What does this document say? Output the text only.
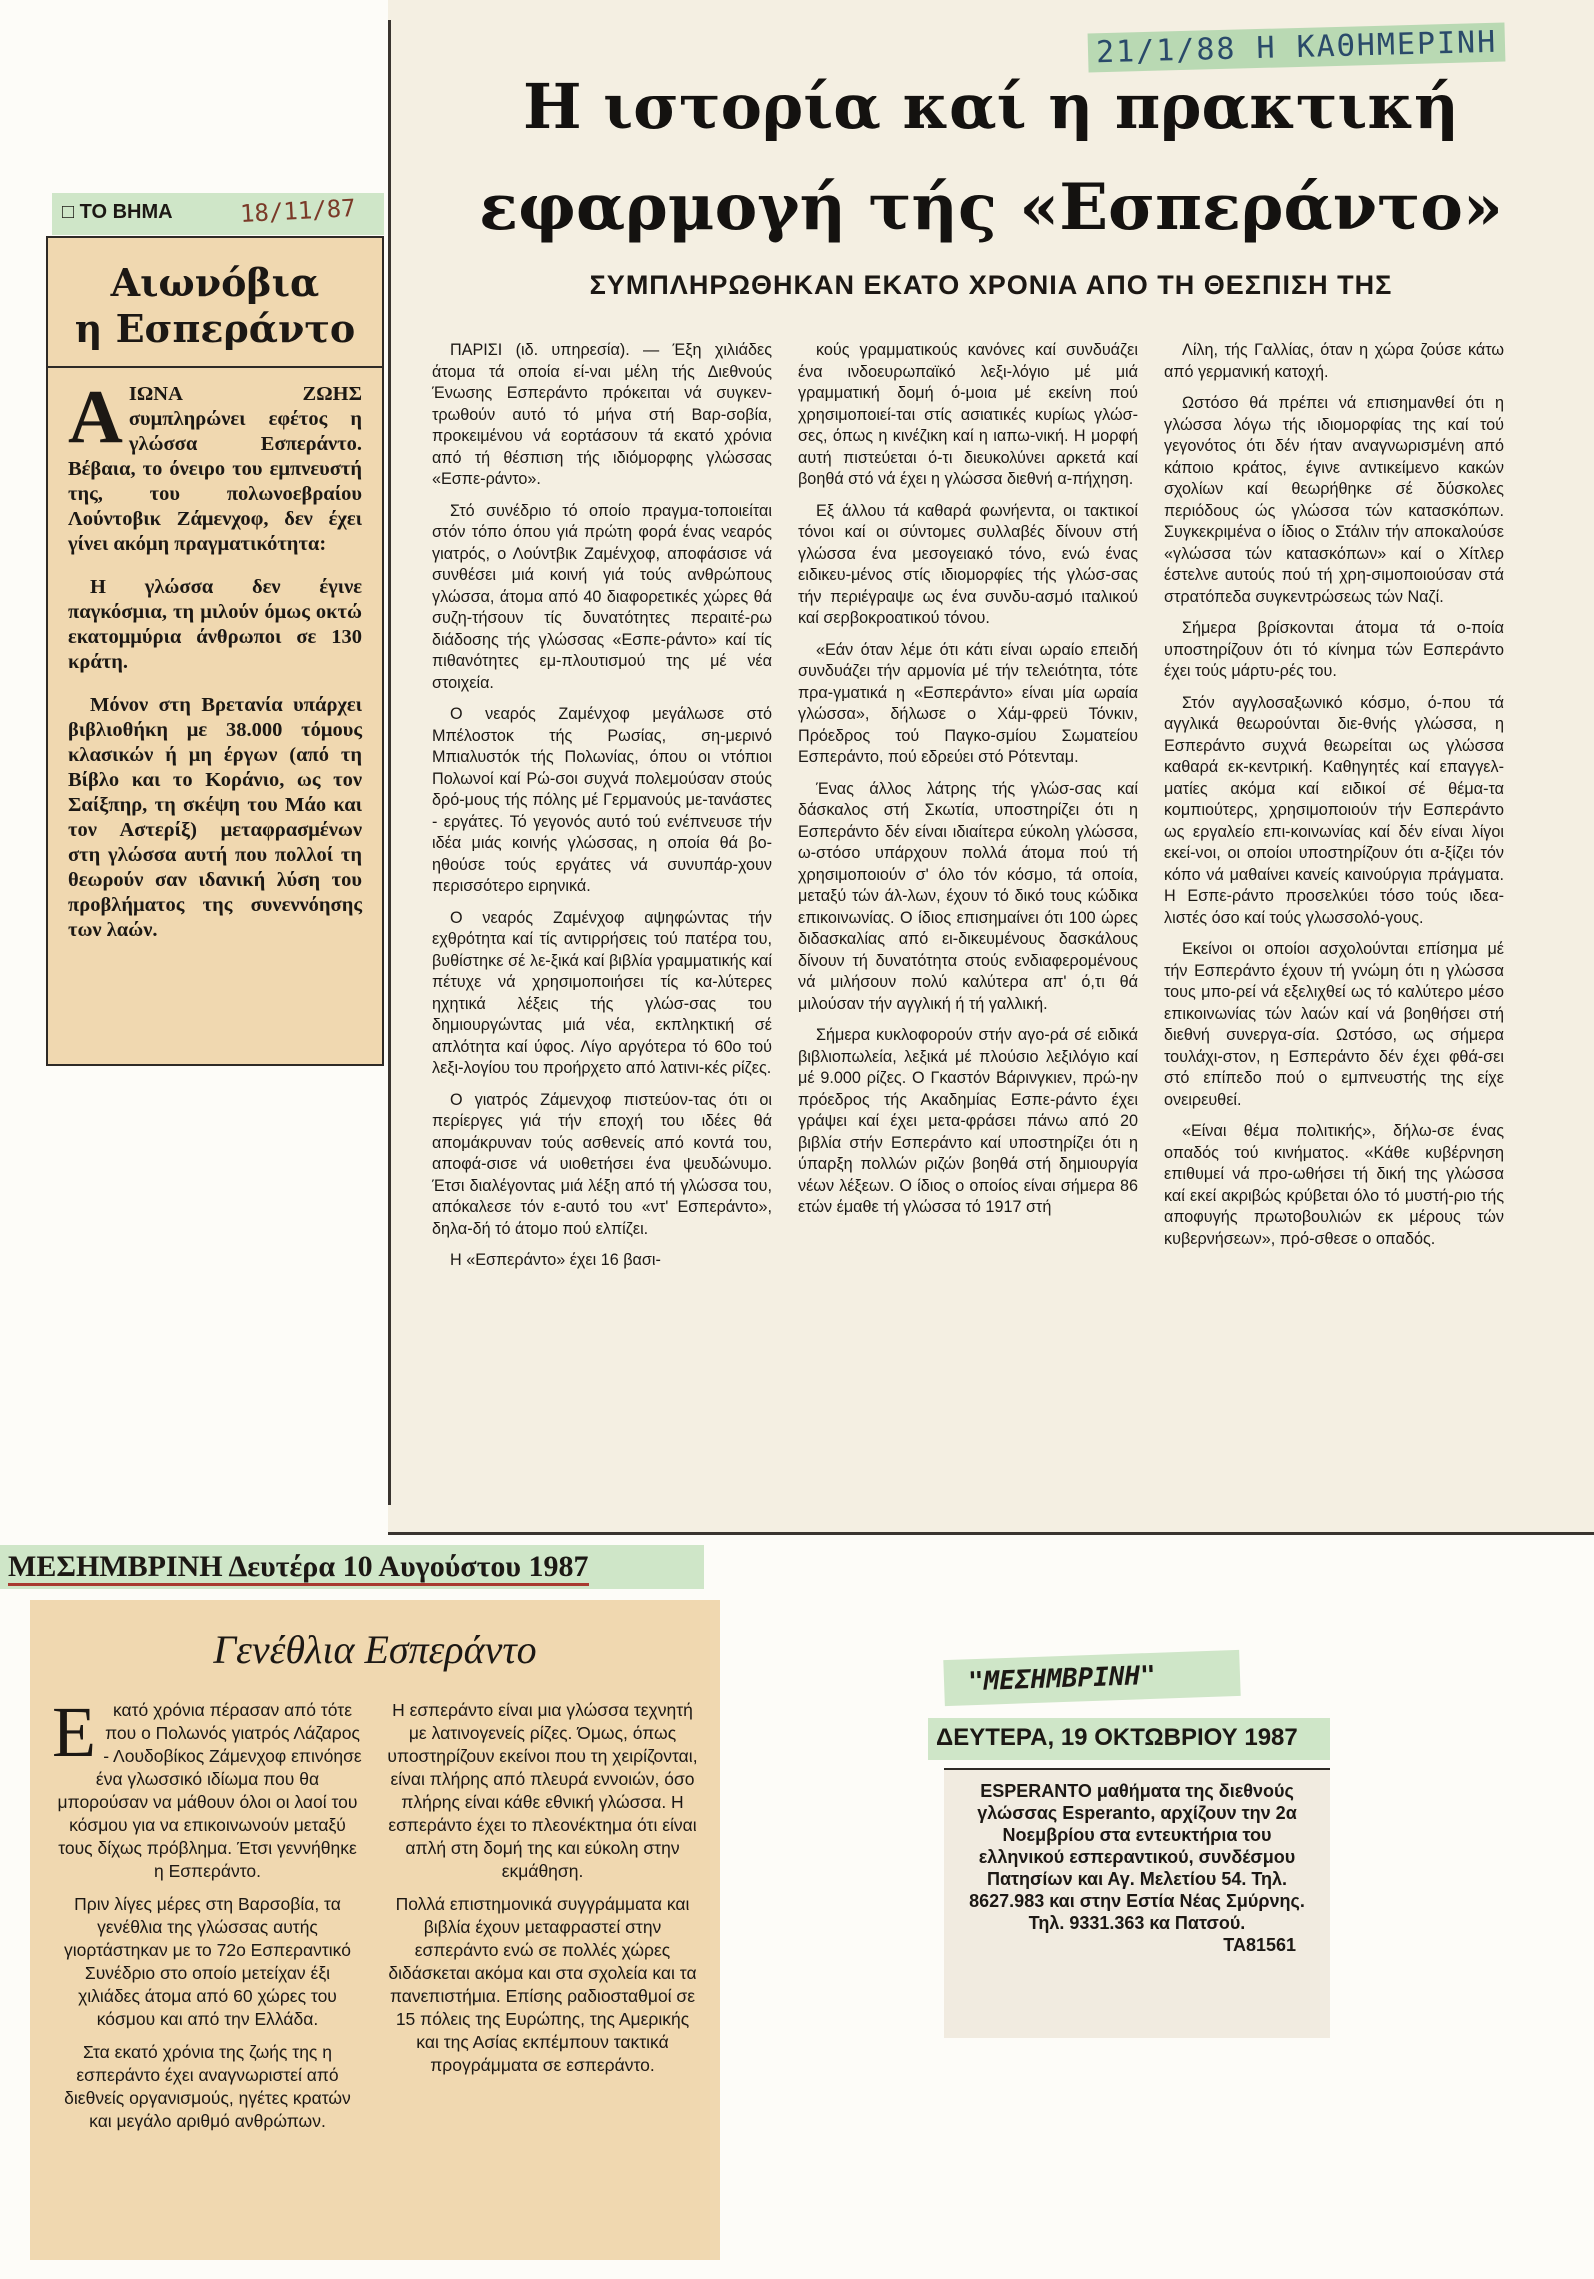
21/1/88 Η ΚΑΘΗΜΕΡΙΝΗ
Η ιστορία καί η πρακτική
εφαρμογή τής «Εσπεράντο»
ΣΥΜΠΛΗΡΩΘΗΚΑΝ ΕΚΑΤΟ ΧΡΟΝΙΑ ΑΠΟ ΤΗ ΘΕΣΠΙΣΗ ΤΗΣ

ΠΑΡΙΣΙ (ιδ. υπηρεσία). — Έξη χιλιάδες άτομα τά οποία εί-ναι μέλη τής Διεθνούς Ένωσης Εσπεράντο πρόκειται νά συγκεν-τρωθούν αυτό τό μήνα στή Βαρ-σοβία, προκειμένου νά εορτάσουν τά εκατό χρόνια από τή θέσπιση τής ιδιόμορφης γλώσσας «Εσπε-ράντο».

Στό συνέδριο τό οποίο πραγμα-τοποιείται στόν τόπο όπου γιά πρώτη φορά ένας νεαρός γιατρός, ο Λούντβικ Ζαμένχοφ, αποφάσισε νά συνθέσει μιά κοινή γιά τούς ανθρώπους γλώσσα, άτομα από 40 διαφορετικές χώρες θά συζη-τήσουν τίς δυνατότητες περαιτέ-ρω διάδοσης τής γλώσσας «Εσπε-ράντο» καί τίς πιθανότητες εμ-πλουτισμού της μέ νέα στοιχεία.

Ο νεαρός Ζαμένχοφ μεγάλωσε στό Μπέλοστοκ τής Ρωσίας, ση-μερινό Μπιαλυστόκ τής Πολωνίας, όπου οι ντόπιοι Πολωνοί καί Ρώ-σοι συχνά πολεμούσαν στούς δρό-μους τής πόλης μέ Γερμανούς με-τανάστες - εργάτες. Τό γεγονός αυτό τού ενέπνευσε τήν ιδέα μιάς κοινής γλώσσας, η οποία θά βο-ηθούσε τούς εργάτες νά συνυπάρ-χουν περισσότερο ειρηνικά.

Ο νεαρός Ζαμένχοφ αψηφώντας τήν εχθρότητα καί τίς αντιρρήσεις τού πατέρα του, βυθίστηκε σέ λε-ξικά καί βιβλία γραμματικής καί πέτυχε νά χρησιμοποιήσει τίς κα-λύτερες ηχητικά λέξεις τής γλώσ-σας του δημιουργώντας μιά νέα, εκπληκτική σέ απλότητα καί ύφος. Λίγο αργότερα τό 60ο τού λεξι-λογίου του προήρχετο από λατινι-κές ρίζες.

Ο γιατρός Ζάμενχοφ πιστεύον-τας ότι οι περίεργες γιά τήν εποχή του ιδέες θά απομάκρυναν τούς ασθενείς από κοντά του, αποφά-σισε νά υιοθετήσει ένα ψευδώνυμο. Έτσι διαλέγοντας μιά λέξη από τή γλώσσα του, απόκαλεσε τόν ε-αυτό του «ντ' Εσπεράντο», δηλα-δή τό άτομο πού ελπίζει.

Η «Εσπεράντο» έχει 16 βασι-

κούς γραμματικούς κανόνες καί συνδυάζει ένα ινδοευρωπαϊκό λεξι-λόγιο μέ μιά γραμματική δομή ό-μοια μέ εκείνη πού χρησιμοποιεί-ται στίς ασιατικές κυρίως γλώσ-σες, όπως η κινέζικη καί η ιαπω-νική. Η μορφή αυτή πιστεύεται ό-τι διευκολύνει αρκετά καί βοηθά στό νά έχει η γλώσσα διεθνή α-πήχηση.

Εξ άλλου τά καθαρά φωνήεντα, οι τακτικοί τόνοι καί οι σύντομες συλλαβές δίνουν στή γλώσσα ένα μεσογειακό τόνο, ενώ ένας ειδικευ-μένος στίς ιδιομορφίες τής γλώσ-σας τήν περιέγραψε ως ένα συνδυ-ασμό ιταλικού καί σερβοκροατικού τόνου.

«Εάν όταν λέμε ότι κάτι είναι ωραίο επειδή συνδυάζει τήν αρμονία μέ τήν τελειότητα, τότε πρα-γματικά η «Εσπεράντο» είναι μία ωραία γλώσσα», δήλωσε ο Χάμ-φρεϋ Τόνκιν, Πρόεδρος τού Παγκο-σμίου Σωματείου Εσπεράντο, πού εδρεύει στό Ρότενταμ.

Ένας άλλος λάτρης τής γλώσ-σας καί δάσκαλος στή Σκωτία, υποστηρίζει ότι η Εσπεράντο δέν είναι ιδιαίτερα εύκολη γλώσσα, ω-στόσο υπάρχουν πολλά άτομα πού τή χρησιμοποιούν σ' όλο τόν κόσμο, τά οποία, μεταξύ τών άλ-λων, έχουν τό δικό τους κώδικα επικοινωνίας. Ο ίδιος επισημαίνει ότι 100 ώρες διδασκαλίας από ει-δικευμένους δασκάλους δίνουν τή δυνατότητα στούς ενδιαφερομένους νά μιλήσουν πολύ καλύτερα απ' ό,τι θά μιλούσαν τήν αγγλική ή τή γαλλική.

Σήμερα κυκλοφορούν στήν αγο-ρά σέ ειδικά βιβλιοπωλεία, λεξικά μέ πλούσιο λεξιλόγιο καί μέ 9.000 ρίζες. Ο Γκαστόν Βάρινγκιεν, πρώ-ην πρόεδρος τής Ακαδημίας Εσπε-ράντο έχει γράψει καί έχει μετα-φράσει πάνω από 20 βιβλία στήν Εσπεράντο καί υποστηρίζει ότι η ύπαρξη πολλών ριζών βοηθά στή δημιουργία νέων λέξεων. Ο ίδιος ο οποίος είναι σήμερα 86 ετών έμαθε τή γλώσσα τό 1917 στή

Λίλη, τής Γαλλίας, όταν η χώρα ζούσε κάτω από γερμανική κατοχή.

Ωστόσο θά πρέπει νά επισημανθεί ότι η γλώσσα λόγω τής ιδιομορφίας της καί τού γεγονότος ότι δέν ήταν αναγνωρισμένη από κάποιο κράτος, έγινε αντικείμενο κακών σχολίων καί θεωρήθηκε σέ δύσκολες περιόδους ώς γλώσσα τών κατασκόπων. Συγκεκριμένα ο ίδιος ο Στάλιν τήν αποκαλούσε «γλώσσα τών κατασκόπων» καί ο Χίτλερ έστελνε αυτούς πού τή χρη-σιμοποιούσαν στά στρατόπεδα συγκεντρώσεως τών Ναζί.

Σήμερα βρίσκονται άτομα τά ο-ποία υποστηρίζουν ότι τό κίνημα τών Εσπεράντο έχει τούς μάρτυ-ρές του.

Στόν αγγλοσαξωνικό κόσμο, ό-που τά αγγλικά θεωρούνται διε-θνής γλώσσα, η Εσπεράντο συχνά θεωρείται ως γλώσσα καθαρά εκ-κεντρική. Καθηγητές καί επαγγελ-ματίες ακόμα καί ειδικοί σέ θέμα-τα κομπιούτερς, χρησιμοποιούν τήν Εσπεράντο ως εργαλείο επι-κοινωνίας καί δέν είναι λίγοι εκεί-νοι, οι οποίοι υποστηρίζουν ότι α-ξίζει τόν κόπο νά μαθαίνει κανείς καινούργια πράγματα. Η Εσπε-ράντο προσελκύει τόσο τούς ιδεα-λιστές όσο καί τούς γλωσσολό-γους.

Εκείνοι οι οποίοι ασχολούνται επίσημα μέ τήν Εσπεράντο έχουν τή γνώμη ότι η γλώσσα τους μπο-ρεί νά εξελιχθεί ως τό καλύτερο μέσο επικοινωνίας τών λαών καί νά βοηθήσει στή διεθνή συνεργα-σία. Ωστόσο, ως σήμερα τουλάχι-στον, η Εσπεράντο δέν έχει φθά-σει στό επίπεδο πού ο εμπνευστής της είχε ονειρευθεί.

«Είναι θέμα πολιτικής», δήλω-σε ένας οπαδός τού κινήματος. «Κάθε κυβέρνηση επιθυμεί νά προ-ωθήσει τή δική της γλώσσα καί εκεί ακριβώς κρύβεται όλο τό μυστή-ριο τής αποφυγής πρωτοβουλιών εκ μέρους τών κυβερνήσεων», πρό-σθεσε ο οπαδός.

□ ΤΟ ΒΗΜΑ	18/11/87
Αιωνόβια
η Εσπεράντο

ΑΙΩΝΑ ΖΩΗΣ συμπληρώνει εφέτος η γλώσσα Εσπεράντο. Βέβαια, το όνειρο του εμπνευστή της, του πολωνοεβραίου Λούντοβικ Ζάμενχοφ, δεν έχει γίνει ακόμη πραγματικότητα:

Η γλώσσα δεν έγινε παγκόσμια, τη μιλούν όμως οκτώ εκατομμύρια άνθρωποι σε 130 κράτη.

Μόνον στη Βρετανία υπάρχει βιβλιοθήκη με 38.000 τόμους κλασικών ή μη έργων (από τη Βίβλο και το Κοράνιο, ως τον Σαίξπηρ, τη σκέψη του Μάο και τον Αστερίξ) μεταφρασμένων στη γλώσσα αυτή που πολλοί τη θεωρούν σαν ιδανική λύση του προβλήματος της συνεννόησης των λαών.

ΜΕΣΗΜΒΡΙΝΗ Δευτέρα 10 Αυγούστου 1987
Γενέθλια Εσπεράντο

Εκατό χρόνια πέρασαν από τότε που ο Πολωνός γιατρός Λάζαρος - Λουδοβίκος Ζάμενχοφ επινόησε ένα γλωσσικό ιδίωμα που θα μπορούσαν να μάθουν όλοι οι λαοί του κόσμου για να επικοινωνούν μεταξύ τους δίχως πρόβλημα. Έτσι γεννήθηκε η Εσπεράντο.

Πριν λίγες μέρες στη Βαρσοβία, τα γενέθλια της γλώσσας αυτής γιορτάστηκαν με το 72ο Εσπεραντικό Συνέδριο στο οποίο μετείχαν έξι χιλιάδες άτομα από 60 χώρες του κόσμου και από την Ελλάδα.

Στα εκατό χρόνια της ζωής της η εσπεράντο έχει αναγνωριστεί από διεθνείς οργανισμούς, ηγέτες κρατών και μεγάλο αριθμό ανθρώπων.

Η εσπεράντο είναι μια γλώσσα τεχνητή με λατινογενείς ρίζες. Όμως, όπως υποστηρίζουν εκείνοι που τη χειρίζονται, είναι πλήρης από πλευρά εννοιών, όσο πλήρης είναι κάθε εθνική γλώσσα. Η εσπεράντο έχει το πλεονέκτημα ότι είναι απλή στη δομή της και εύκολη στην εκμάθηση.

Πολλά επιστημονικά συγγράμματα και βιβλία έχουν μεταφραστεί στην εσπεράντο ενώ σε πολλές χώρες διδάσκεται ακόμα και στα σχολεία και τα πανεπιστήμια. Επίσης ραδιοσταθμοί σε 15 πόλεις της Ευρώπης, της Αμερικής και της Ασίας εκπέμπουν τακτικά προγράμματα σε εσπεράντο.

"ΜΕΣΗΜΒΡΙΝΗ"
ΔΕΥΤΕΡΑ, 19 ΟΚΤΩΒΡΙΟΥ 1987
ESPERANTO μαθήματα της διεθνούς γλώσσας Esperanto, αρχίζουν την 2α Νοεμβρίου στα εντευκτήρια του ελληνικού εσπεραντικού, συνδέσμου Πατησίων και Αγ. Μελετίου 54. Τηλ. 8627.983 και στην Εστία Νέας Σμύρνης. Τηλ. 9331.363 κα Πατσού.
TA81561
